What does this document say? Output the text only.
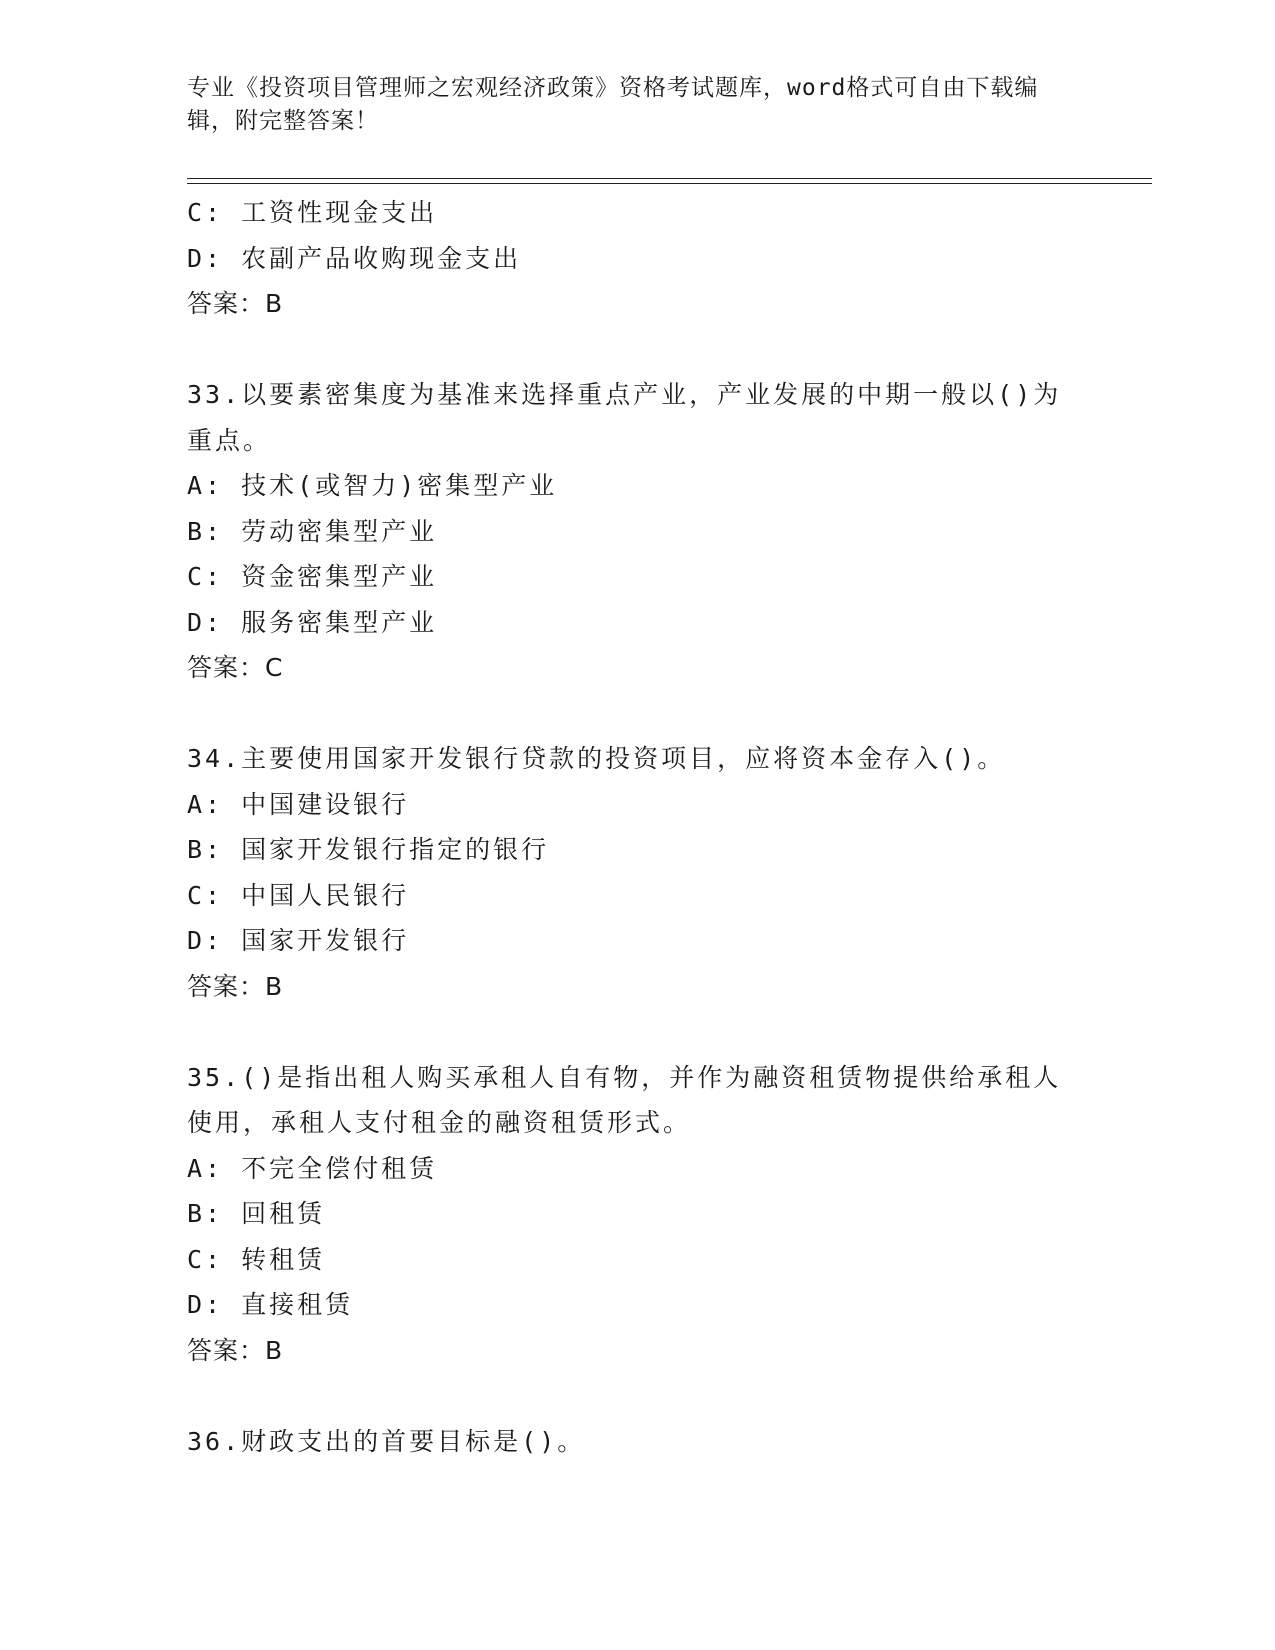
专业《投资项目管理师之宏观经济政策》资格考试题库，word格式可自由下载编辑，附完整答案！
C: 工资性现金支出
D: 农副产品收购现金支出
答案：B
33.以要素密集度为基准来选择重点产业，产业发展的中期一般以()为重点。
A: 技术(或智力)密集型产业
B: 劳动密集型产业
C: 资金密集型产业
D: 服务密集型产业
答案：C
34.主要使用国家开发银行贷款的投资项目，应将资本金存入()。
A: 中国建设银行
B: 国家开发银行指定的银行
C: 中国人民银行
D: 国家开发银行
答案：B
35.()是指出租人购买承租人自有物，并作为融资租赁物提供给承租人使用，承租人支付租金的融资租赁形式。
A: 不完全偿付租赁
B: 回租赁
C: 转租赁
D: 直接租赁
答案：B
36.财政支出的首要目标是()。
